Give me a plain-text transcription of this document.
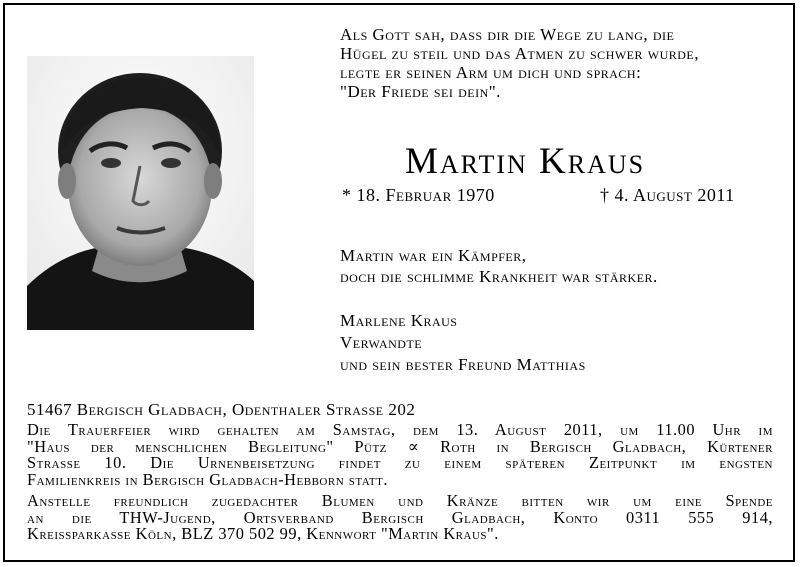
Als Gott sah, dass dir die Wege zu lang, die
Hügel zu steil und das Atmen zu schwer wurde,
legte er seinen Arm um dich und sprach:
"Der Friede sei dein".
Martin Kraus
* 18. Februar 1970	† 4. August 2011
Martin war ein Kämpfer,
doch die schlimme Krankheit war stärker.
Marlene Kraus
Verwandte
und sein bester Freund Matthias
51467 Bergisch Gladbach, Odenthaler Strasse 202
Die Trauerfeier wird gehalten am Samstag, dem 13. August 2011, um 11.00 Uhr im
"Haus der menschlichen Begleitung" Pütz ∝ Roth in Bergisch Gladbach, Kürtener
Strasse 10. Die Urnenbeisetzung findet zu einem späteren Zeitpunkt im engsten
Familienkreis in Bergisch Gladbach-Hebborn statt.
Anstelle freundlich zugedachter Blumen und Kränze bitten wir um eine Spende
an die THW-Jugend, Ortsverband Bergisch Gladbach, Konto 0311 555 914,
Kreissparkasse Köln, BLZ 370 502 99, Kennwort "Martin Kraus".
